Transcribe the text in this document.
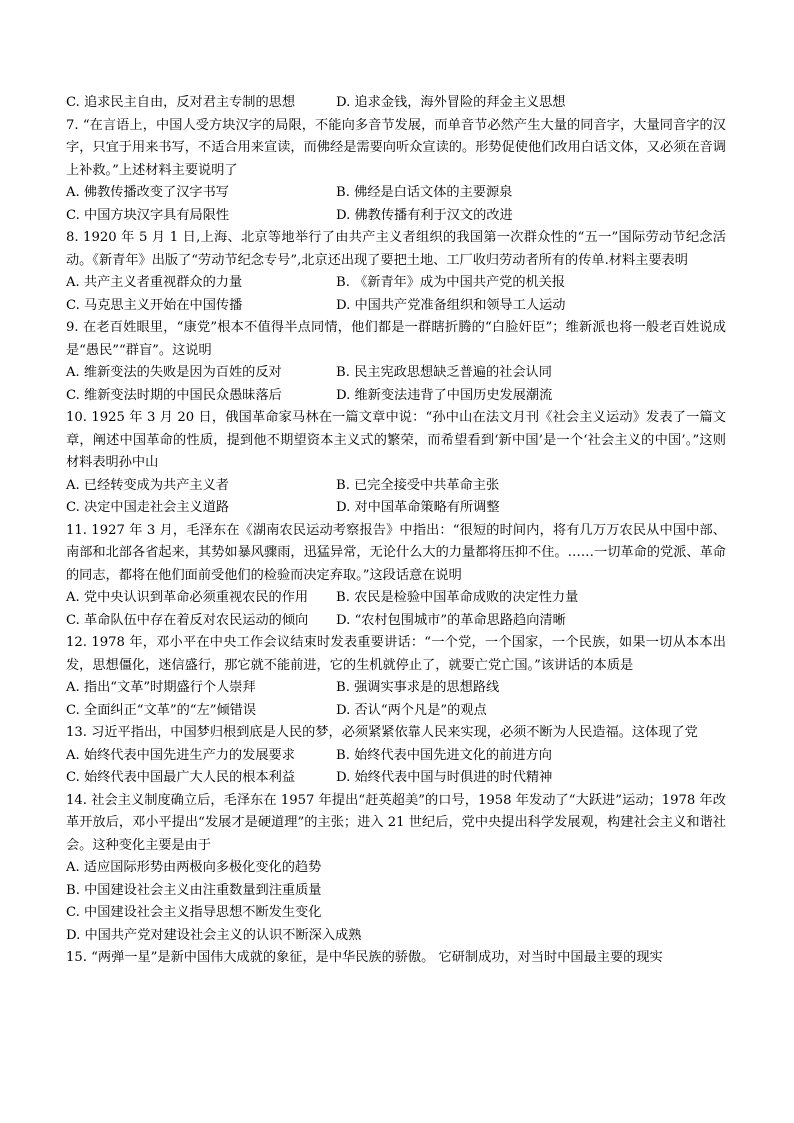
C. 追求民主自由，反对君主专制的思想	D. 追求金钱，海外冒险的拜金主义思想
7. “在言语上，中国人受方块汉字的局限，不能向多音节发展，而单音节必然产生大量的同音字，大量同音字的汉字，只宜于用来书写，不适合用来宣读，而佛经是需要向听众宣读的。形势促使他们改用白话文体，又必须在音调上补救。”上述材料主要说明了
A. 佛教传播改变了汉字书写	B. 佛经是白话文体的主要源泉
C. 中国方块汉字具有局限性	D. 佛教传播有利于汉文的改进
8. 1920 年 5 月 1 日,上海、北京等地举行了由共产主义者组织的我国第一次群众性的“五一”国际劳动节纪念活动。《新青年》出版了“劳动节纪念专号”,北京还出现了要把土地、工厂收归劳动者所有的传单.材料主要表明
A. 共产主义者重视群众的力量	B. 《新青年》成为中国共产党的机关报
C. 马克思主义开始在中国传播	D. 中国共产党准备组织和领导工人运动
9. 在老百姓眼里，“康党”根本不值得半点同情，他们都是一群瞎折腾的“白脸奸臣”；维新派也将一般老百姓说成是“愚民”“群盲”。这说明
A. 维新变法的失败是因为百姓的反对	B. 民主宪政思想缺乏普遍的社会认同
C. 维新变法时期的中国民众愚昧落后	D. 维新变法违背了中国历史发展潮流
10. 1925 年 3 月 20 日，俄国革命家马林在一篇文章中说：“孙中山在法文月刊《社会主义运动》发表了一篇文章，阐述中国革命的性质，提到他不期望资本主义式的繁荣，而希望看到‘新中国’是一个‘社会主义的中国’。”这则材料表明孙中山
A. 已经转变成为共产主义者	B. 已完全接受中共革命主张
C. 决定中国走社会主义道路	D. 对中国革命策略有所调整
11. 1927 年 3 月，毛泽东在《湖南农民运动考察报告》中指出：“很短的时间内，将有几万万农民从中国中部、南部和北部各省起来，其势如暴风骤雨，迅猛异常，无论什么大的力量都将压抑不住。……一切革命的党派、革命的同志，都将在他们面前受他们的检验而决定弃取。”这段话意在说明
A. 党中央认识到革命必须重视农民的作用	B. 农民是检验中国革命成败的决定性力量
C. 革命队伍中存在着反对农民运动的倾向	D. “农村包围城市”的革命思路趋向清晰
12. 1978 年，邓小平在中央工作会议结束时发表重要讲话：“一个党，一个国家，一个民族，如果一切从本本出发，思想僵化，迷信盛行，那它就不能前进，它的生机就停止了，就要亡党亡国。”该讲话的本质是
A. 指出“文革”时期盛行个人崇拜	B. 强调实事求是的思想路线
C. 全面纠正“文革”的“左”倾错误	D. 否认“两个凡是”的观点
13. 习近平指出，中国梦归根到底是人民的梦，必须紧紧依靠人民来实现，必须不断为人民造福。这体现了党
A. 始终代表中国先进生产力的发展要求	B. 始终代表中国先进文化的前进方向
C. 始终代表中国最广大人民的根本利益	D. 始终代表中国与时俱进的时代精神
14. 社会主义制度确立后，毛泽东在 1957 年提出“赶英超美”的口号，1958 年发动了“大跃进”运动；1978 年改革开放后，邓小平提出“发展才是硬道理”的主张；进入 21 世纪后，党中央提出科学发展观，构建社会主义和谐社会。这种变化主要是由于
A. 适应国际形势由两极向多极化变化的趋势
B. 中国建设社会主义由注重数量到注重质量
C. 中国建设社会主义指导思想不断发生变化
D. 中国共产党对建设社会主义的认识不断深入成熟
15. “两弹一星”是新中国伟大成就的象征，是中华民族的骄傲。 它研制成功，对当时中国最主要的现实
